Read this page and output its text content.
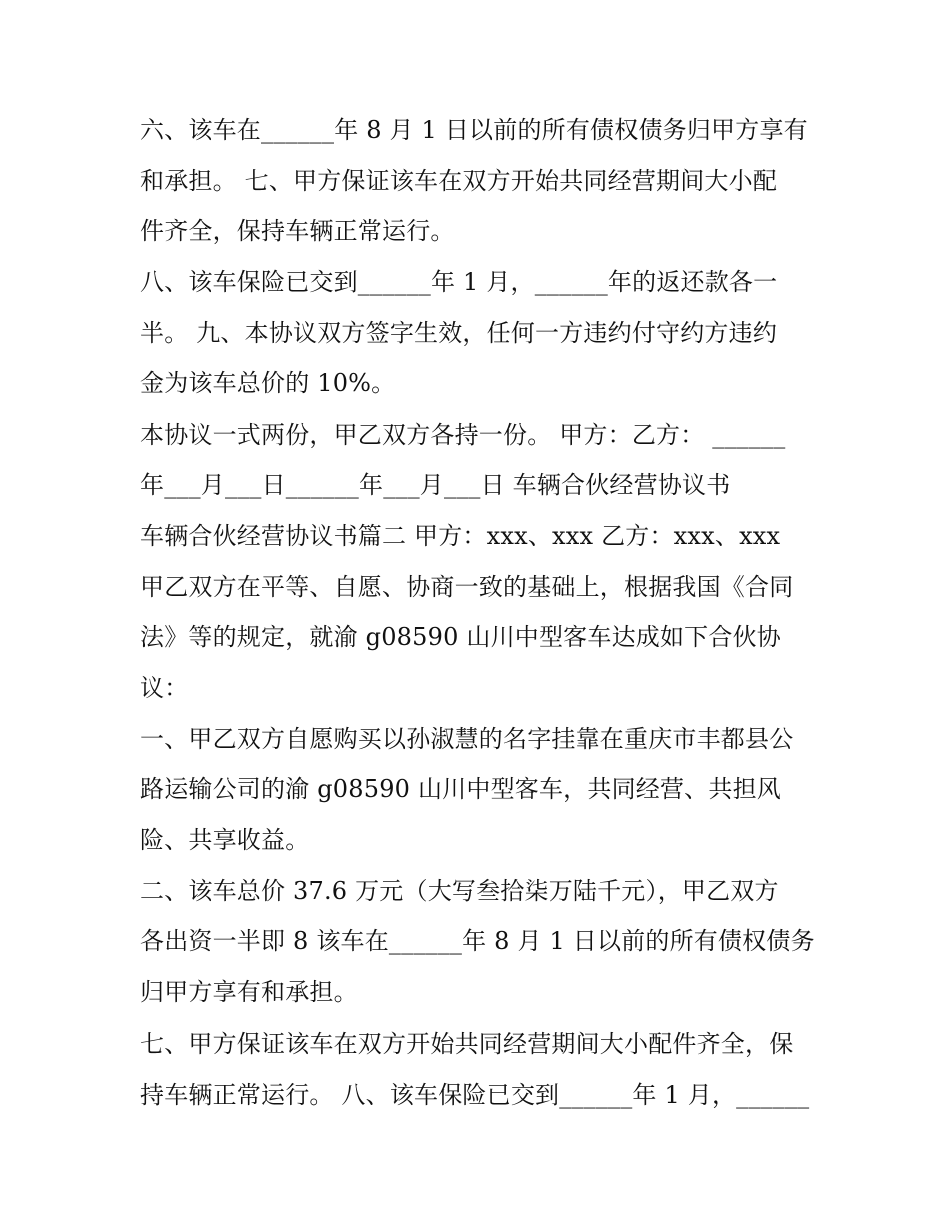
六、该车在______年 8 月 1 日以前的所有债权债务归甲方享有
和承担。 七、甲方保证该车在双方开始共同经营期间大小配
件齐全，保持车辆正常运行。
八、该车保险已交到______年 1 月，______年的返还款各一
半。 九、本协议双方签字生效，任何一方违约付守约方违约
金为该车总价的 10%。
本协议一式两份，甲乙双方各持一份。 甲方：乙方： ______
年___月___日______年___月___日 车辆合伙经营协议书
车辆合伙经营协议书篇二 甲方：xxx、xxx 乙方：xxx、xxx
甲乙双方在平等、自愿、协商一致的基础上，根据我国《合同
法》等的规定，就渝 g08590 山川中型客车达成如下合伙协
议：
一、甲乙双方自愿购买以孙淑慧的名字挂靠在重庆市丰都县公
路运输公司的渝 g08590 山川中型客车，共同经营、共担风
险、共享收益。
二、该车总价 37.6 万元（大写叁拾柒万陆千元），甲乙双方
各出资一半即 8 该车在______年 8 月 1 日以前的所有债权债务
归甲方享有和承担。
七、甲方保证该车在双方开始共同经营期间大小配件齐全，保
持车辆正常运行。 八、该车保险已交到______年 1 月，______
